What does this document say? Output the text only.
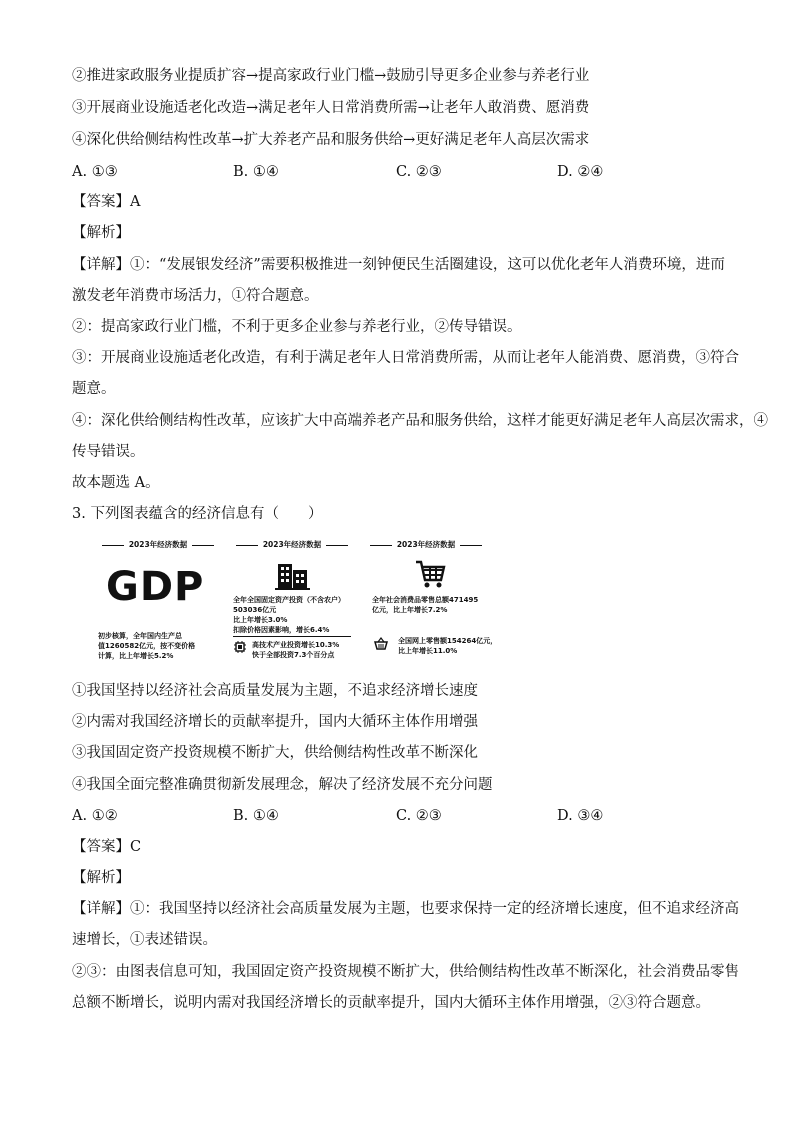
②推进家政服务业提质扩容→提高家政行业门槛→鼓励引导更多企业参与养老行业
③开展商业设施适老化改造→满足老年人日常消费所需→让老年人敢消费、愿消费
④深化供给侧结构性改革→扩大养老产品和服务供给→更好满足老年人高层次需求
A. ①③	B. ①④	C. ②③	D. ②④
【答案】A
【解析】
【详解】①：“发展银发经济”需要积极推进一刻钟便民生活圈建设，这可以优化老年人消费环境，进而
激发老年消费市场活力，①符合题意。
②：提高家政行业门槛，不利于更多企业参与养老行业，②传导错误。
③：开展商业设施适老化改造，有利于满足老年人日常消费所需，从而让老年人能消费、愿消费，③符合
题意。
④：深化供给侧结构性改革，应该扩大中高端养老产品和服务供给，这样才能更好满足老年人高层次需求，④
传导错误。
故本题选 A。
3. 下列图表蕴含的经济信息有（　　）
2023年经济数据	2023年经济数据	2023年经济数据
GDP
初步核算，全年国内生产总
值1260582亿元，按不变价格
计算，比上年增长5.2%
全年全国固定资产投资（不含农户）
503036亿元
比上年增长3.0%
扣除价格因素影响，增长6.4%
高技术产业投资增长10.3%
快于全部投资7.3个百分点
全年社会消费品零售总额471495
亿元，比上年增长7.2%
全国网上零售额154264亿元，
比上年增长11.0%
①我国坚持以经济社会高质量发展为主题，不追求经济增长速度
②内需对我国经济增长的贡献率提升，国内大循环主体作用增强
③我国固定资产投资规模不断扩大，供给侧结构性改革不断深化
④我国全面完整准确贯彻新发展理念，解决了经济发展不充分问题
A. ①②	B. ①④	C. ②③	D. ③④
【答案】C
【解析】
【详解】①：我国坚持以经济社会高质量发展为主题，也要求保持一定的经济增长速度，但不追求经济高
速增长，①表述错误。
②③：由图表信息可知，我国固定资产投资规模不断扩大，供给侧结构性改革不断深化，社会消费品零售
总额不断增长，说明内需对我国经济增长的贡献率提升，国内大循环主体作用增强，②③符合题意。
